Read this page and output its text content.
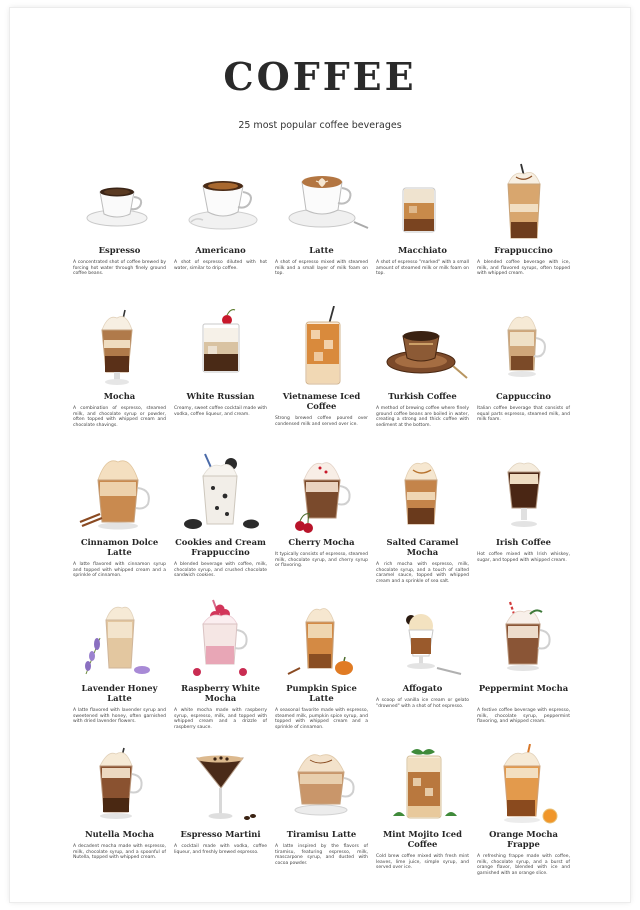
COFFEE
25 most popular coffee beverages
Espresso
A concentrated shot of coffee brewed by forcing hot water through finely ground coffee beans.
Americano
A shot of espresso diluted with hot water, similar to drip coffee.
Latte
A shot of espresso mixed with steamed milk and a small layer of milk foam on top.
Macchiato
A shot of espresso "marked" with a small amount of steamed milk or milk foam on top.
Frappuccino
A blended coffee beverage with ice, milk, and flavored syrups, often topped with whipped cream.
Mocha
A combination of espresso, steamed milk, and chocolate syrup or powder, often topped with whipped cream and chocolate shavings.
White Russian
Creamy, sweet coffee cocktail made with vodka, coffee liqueur, and cream.
Vietnamese Iced Coffee
Strong brewed coffee poured over condensed milk and served over ice.
Turkish Coffee
A method of brewing coffee where finely ground coffee beans are boiled in water, creating a strong and thick coffee with sediment at the bottom.
Cappuccino
Italian coffee beverage that consists of equal parts espresso, steamed milk, and milk foam.
Cinnamon Dolce Latte
A latte flavored with cinnamon syrup and topped with whipped cream and a sprinkle of cinnamon.
Cookies and Cream Frappuccino
A blended beverage with coffee, milk, chocolate syrup, and crushed chocolate sandwich cookies.
Cherry Mocha
It typically consists of espresso, steamed milk, chocolate syrup, and cherry syrup or flavoring.
Salted Caramel Mocha
A rich mocha with espresso, milk, chocolate syrup, and a touch of salted caramel sauce, topped with whipped cream and a sprinkle of sea salt.
Irish Coffee
Hot coffee mixed with Irish whiskey, sugar, and topped with whipped cream.
Lavender Honey Latte
A latte flavored with lavender syrup and sweetened with honey, often garnished with dried lavender flowers.
Raspberry White Mocha
A white mocha made with raspberry syrup, espresso, milk, and topped with whipped cream and a drizzle of raspberry sauce.
Pumpkin Spice Latte
A seasonal favorite made with espresso, steamed milk, pumpkin spice syrup, and topped with whipped cream and a sprinkle of cinnamon.
Affogato
A scoop of vanilla ice cream or gelato "drowned" with a shot of hot espresso.
Peppermint Mocha
A festive coffee beverage with espresso, milk, chocolate syrup, peppermint flavoring, and whipped cream.
Nutella Mocha
A decadent mocha made with espresso, milk, chocolate syrup, and a spoonful of Nutella, topped with whipped cream.
Espresso Martini
A cocktail made with vodka, coffee liqueur, and freshly brewed espresso.
Tiramisu Latte
A latte inspired by the flavors of tiramisu, featuring espresso, milk, mascarpone syrup, and dusted with cocoa powder.
Mint Mojito Iced Coffee
Cold brew coffee mixed with fresh mint leaves, lime juice, simple syrup, and served over ice.
Orange Mocha Frappe
A refreshing frappe made with coffee, milk, chocolate syrup, and a burst of orange flavor, blended with ice and garnished with an orange slice.
